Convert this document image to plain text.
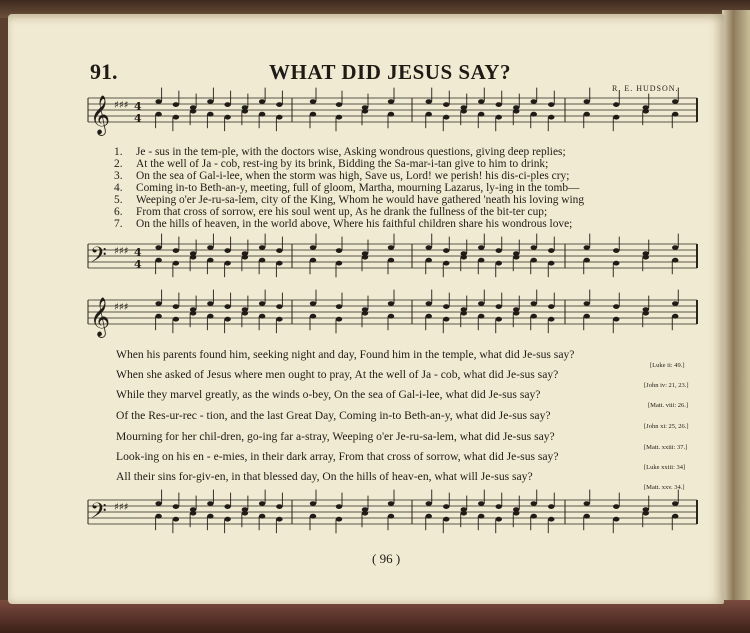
91.	WHAT DID JESUS SAY?
R. E. HUDSON.
𝄞 4
4
♯♯♯
𝄢 4
4
♯♯♯
𝄞 ♯♯♯
𝄢 ♯♯♯
1. Je - sus in the tem-ple, with the doctors wise, Asking wondrous questions, giving deep replies;
2. At the well of Ja - cob, rest-ing by its brink, Bidding the Sa-mar-i-tan give to him to drink;
3. On the sea of Gal-i-lee, when the storm was high, Save us, Lord! we perish! his dis-ci-ples cry;
4. Coming in-to Beth-an-y, meeting, full of gloom, Martha, mourning Lazarus, ly-ing in the tomb—
5. Weeping o'er Je-ru-sa-lem, city of the King, Whom he would have gathered 'neath his loving wing
6. From that cross of sorrow, ere his soul went up, As he drank the fullness of the bit-ter cup;
7. On the hills of heaven, in the world above, Where his faithful children share his wondrous love;
When his parents found him, seeking night and day, Found him in the temple, what did Je-sus say?
When she asked of Jesus where men ought to pray, At the well of Ja - cob, what did Je-sus say?
While they marvel greatly, as the winds o-bey, On the sea of Gal-i-lee, what did Je-sus say?
Of the Res-ur-rec - tion, and the last Great Day, Coming in-to Beth-an-y, what did Je-sus say?
Mourning for her chil-dren, go-ing far a-stray, Weeping o'er Je-ru-sa-lem, what did Je-sus say?
Look-ing on his en - e-mies, in their dark array, From that cross of sorrow, what did Je-sus say?
All their sins for-giv-en, in that blessed day, On the hills of heav-en, what will Je-sus say?
[Luke ii: 49.]
[John iv: 21, 23.]
[Matt. viii: 26.]
[John xi: 25, 26.]
[Matt. xxiii: 37.]
[Luke xxiii: 34]
[Matt. xxv. 34.]
( 96 )
